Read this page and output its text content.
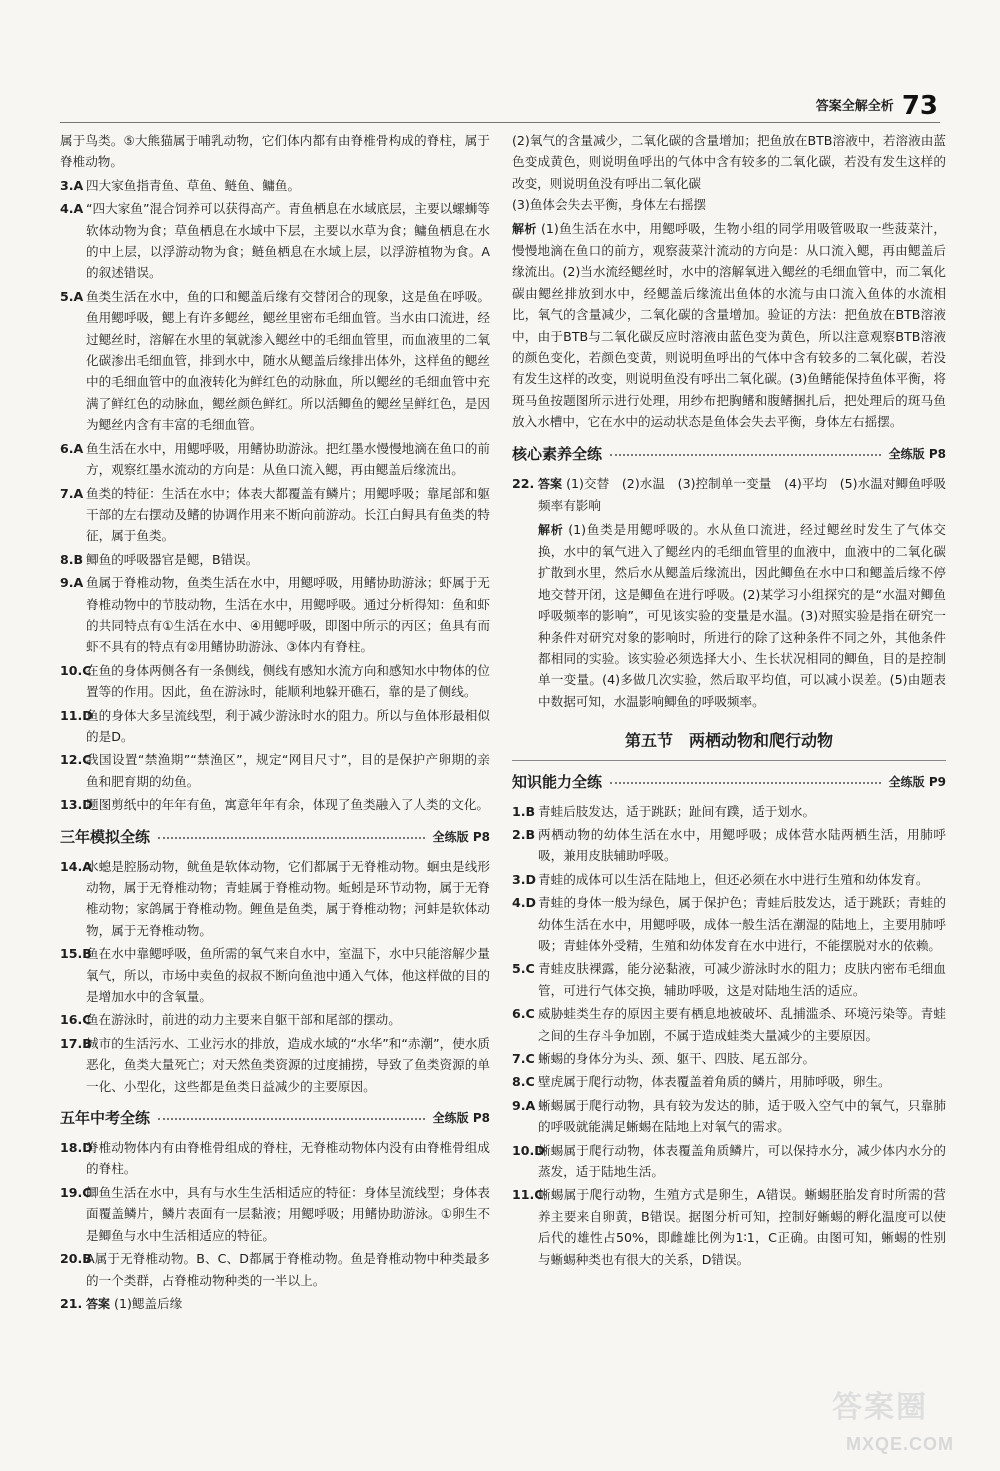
答案全解全析 73
属于鸟类。⑤大熊猫属于哺乳动物，它们体内都有由脊椎骨构成的脊柱，属于脊椎动物。
3.A 四大家鱼指青鱼、草鱼、鲢鱼、鳙鱼。
4.A “四大家鱼”混合饲养可以获得高产。青鱼栖息在水域底层，主要以螺蛳等软体动物为食；草鱼栖息在水域中下层，主要以水草为食；鳙鱼栖息在水的中上层，以浮游动物为食；鲢鱼栖息在水域上层，以浮游植物为食。A的叙述错误。
5.A 鱼类生活在水中，鱼的口和鳃盖后缘有交替闭合的现象，这是鱼在呼吸。鱼用鳃呼吸，鳃上有许多鳃丝，鳃丝里密布毛细血管。当水由口流进，经过鳃丝时，溶解在水里的氧就渗入鳃丝中的毛细血管里，而血液里的二氧化碳渗出毛细血管，排到水中，随水从鳃盖后缘排出体外，这样鱼的鳃丝中的毛细血管中的血液转化为鲜红色的动脉血，所以鳃丝的毛细血管中充满了鲜红色的动脉血，鳃丝颜色鲜红。所以活鲫鱼的鳃丝呈鲜红色，是因为鳃丝内含有丰富的毛细血管。
6.A 鱼生活在水中，用鳃呼吸，用鳍协助游泳。把红墨水慢慢地滴在鱼口的前方，观察红墨水流动的方向是：从鱼口流入鳃，再由鳃盖后缘流出。
7.A 鱼类的特征：生活在水中；体表大都覆盖有鳞片；用鳃呼吸；靠尾部和躯干部的左右摆动及鳍的协调作用来不断向前游动。长江白鲟具有鱼类的特征，属于鱼类。
8.B 鲫鱼的呼吸器官是鳃，B错误。
9.A 鱼属于脊椎动物，鱼类生活在水中，用鳃呼吸，用鳍协助游泳；虾属于无脊椎动物中的节肢动物，生活在水中，用鳃呼吸。通过分析得知：鱼和虾的共同特点有①生活在水中、④用鳃呼吸，即图中所示的丙区；鱼具有而虾不具有的特点有②用鳍协助游泳、③体内有脊柱。
10.C
在鱼的身体两侧各有一条侧线，侧线有感知水流方向和感知水中物体的位置等的作用。因此，鱼在游泳时，能顺利地躲开礁石，靠的是了侧线。
11.D
鱼的身体大多呈流线型，利于减少游泳时水的阻力。所以与鱼体形最相似的是D。
12.C
我国设置“禁渔期”“禁渔区”，规定“网目尺寸”，目的是保护产卵期的亲鱼和肥育期的幼鱼。
13.D
题图剪纸中的年年有鱼，寓意年年有余，体现了鱼类融入了人类的文化。
三年模拟全练	全练版 P8
14.A
水螅是腔肠动物，鱿鱼是软体动物，它们都属于无脊椎动物。蛔虫是线形动物，属于无脊椎动物；青蛙属于脊椎动物。蚯蚓是环节动物，属于无脊椎动物；家鸽属于脊椎动物。鲤鱼是鱼类，属于脊椎动物；河蚌是软体动物，属于无脊椎动物。
15.B
鱼在水中靠鳃呼吸，鱼所需的氧气来自水中，室温下，水中只能溶解少量氧气，所以，市场中卖鱼的叔叔不断向鱼池中通入气体，他这样做的目的是增加水中的含氧量。
16.C
鱼在游泳时，前进的动力主要来自躯干部和尾部的摆动。
17.B
城市的生活污水、工业污水的排放，造成水域的“水华”和“赤潮”，使水质恶化，鱼类大量死亡；对天然鱼类资源的过度捕捞，导致了鱼类资源的单一化、小型化，这些都是鱼类日益减少的主要原因。
五年中考全练	全练版 P8
18.D
脊椎动物体内有由脊椎骨组成的脊柱，无脊椎动物体内没有由脊椎骨组成的脊柱。
19.C
鲫鱼生活在水中，具有与水生生活相适应的特征：身体呈流线型；身体表面覆盖鳞片，鳞片表面有一层黏液；用鳃呼吸；用鳍协助游泳。①卵生不是鲫鱼与水中生活相适应的特征。
20.B
A属于无脊椎动物。B、C、D都属于脊椎动物。鱼是脊椎动物中种类最多的一个类群，占脊椎动物种类的一半以上。
21. 答案 (1)鳃盖后缘

(2)氧气的含量减少，二氧化碳的含量增加；把鱼放在BTB溶液中，若溶液由蓝色变成黄色，则说明鱼呼出的气体中含有较多的二氧化碳，若没有发生这样的改变，则说明鱼没有呼出二氧化碳

(3)鱼体会失去平衡，身体左右摇摆

解析 (1)鱼生活在水中，用鳃呼吸，生物小组的同学用吸管吸取一些菠菜汁，慢慢地滴在鱼口的前方，观察菠菜汁流动的方向是：从口流入鳃，再由鳃盖后缘流出。(2)当水流经鳃丝时，水中的溶解氧进入鳃丝的毛细血管中，而二氧化碳由鳃丝排放到水中，经鳃盖后缘流出鱼体的水流与由口流入鱼体的水流相比，氧气的含量减少，二氧化碳的含量增加。验证的方法：把鱼放在BTB溶液中，由于BTB与二氧化碳反应时溶液由蓝色变为黄色，所以注意观察BTB溶液的颜色变化，若颜色变黄，则说明鱼呼出的气体中含有较多的二氧化碳，若没有发生这样的改变，则说明鱼没有呼出二氧化碳。(3)鱼鳍能保持鱼体平衡，将斑马鱼按题图所示进行处理，用纱布把胸鳍和腹鳍捆扎后，把处理后的斑马鱼放入水槽中，它在水中的运动状态是鱼体会失去平衡，身体左右摇摆。
核心素养全练	全练版 P8
22. 答案 (1)交替　(2)水温　(3)控制单一变量　(4)平均　(5)水温对鲫鱼呼吸频率有影响
解析 (1)鱼类是用鳃呼吸的。水从鱼口流进，经过鳃丝时发生了气体交换，水中的氧气进入了鳃丝内的毛细血管里的血液中，血液中的二氧化碳扩散到水里，然后水从鳃盖后缘流出，因此鲫鱼在水中口和鳃盖后缘不停地交替开闭，这是鲫鱼在进行呼吸。(2)某学习小组探究的是“水温对鲫鱼呼吸频率的影响”，可见该实验的变量是水温。(3)对照实验是指在研究一种条件对研究对象的影响时，所进行的除了这种条件不同之外，其他条件都相同的实验。该实验必须选择大小、生长状况相同的鲫鱼，目的是控制单一变量。(4)多做几次实验，然后取平均值，可以减小误差。(5)由题表中数据可知，水温影响鲫鱼的呼吸频率。
第五节　两栖动物和爬行动物
知识能力全练	全练版 P9
1.B 青蛙后肢发达，适于跳跃；趾间有蹼，适于划水。
2.B 两栖动物的幼体生活在水中，用鳃呼吸；成体营水陆两栖生活，用肺呼吸，兼用皮肤辅助呼吸。
3.D 青蛙的成体可以生活在陆地上，但还必须在水中进行生殖和幼体发育。
4.D 青蛙的身体一般为绿色，属于保护色；青蛙后肢发达，适于跳跃；青蛙的幼体生活在水中，用鳃呼吸，成体一般生活在潮湿的陆地上，主要用肺呼吸；青蛙体外受精，生殖和幼体发育在水中进行，不能摆脱对水的依赖。
5.C 青蛙皮肤裸露，能分泌黏液，可减少游泳时水的阻力；皮肤内密布毛细血管，可进行气体交换，辅助呼吸，这是对陆地生活的适应。
6.C 威胁蛙类生存的原因主要有栖息地被破坏、乱捕滥杀、环境污染等。青蛙之间的生存斗争加剧，不属于造成蛙类大量减少的主要原因。
7.C 蜥蜴的身体分为头、颈、躯干、四肢、尾五部分。
8.C 壁虎属于爬行动物，体表覆盖着角质的鳞片，用肺呼吸，卵生。
9.A 蜥蜴属于爬行动物，具有较为发达的肺，适于吸入空气中的氧气，只靠肺的呼吸就能满足蜥蜴在陆地上对氧气的需求。
10.D
蜥蜴属于爬行动物，体表覆盖角质鳞片，可以保持水分，减少体内水分的蒸发，适于陆地生活。
11.C
蜥蜴属于爬行动物，生殖方式是卵生，A错误。蜥蜴胚胎发育时所需的营养主要来自卵黄，B错误。据图分析可知，控制好蜥蜴的孵化温度可以使后代的雄性占50%，即雌雄比例为1∶1，C正确。由图可知，蜥蜴的性别与蜥蜴种类也有很大的关系，D错误。
答案圈
MXQE.COM
